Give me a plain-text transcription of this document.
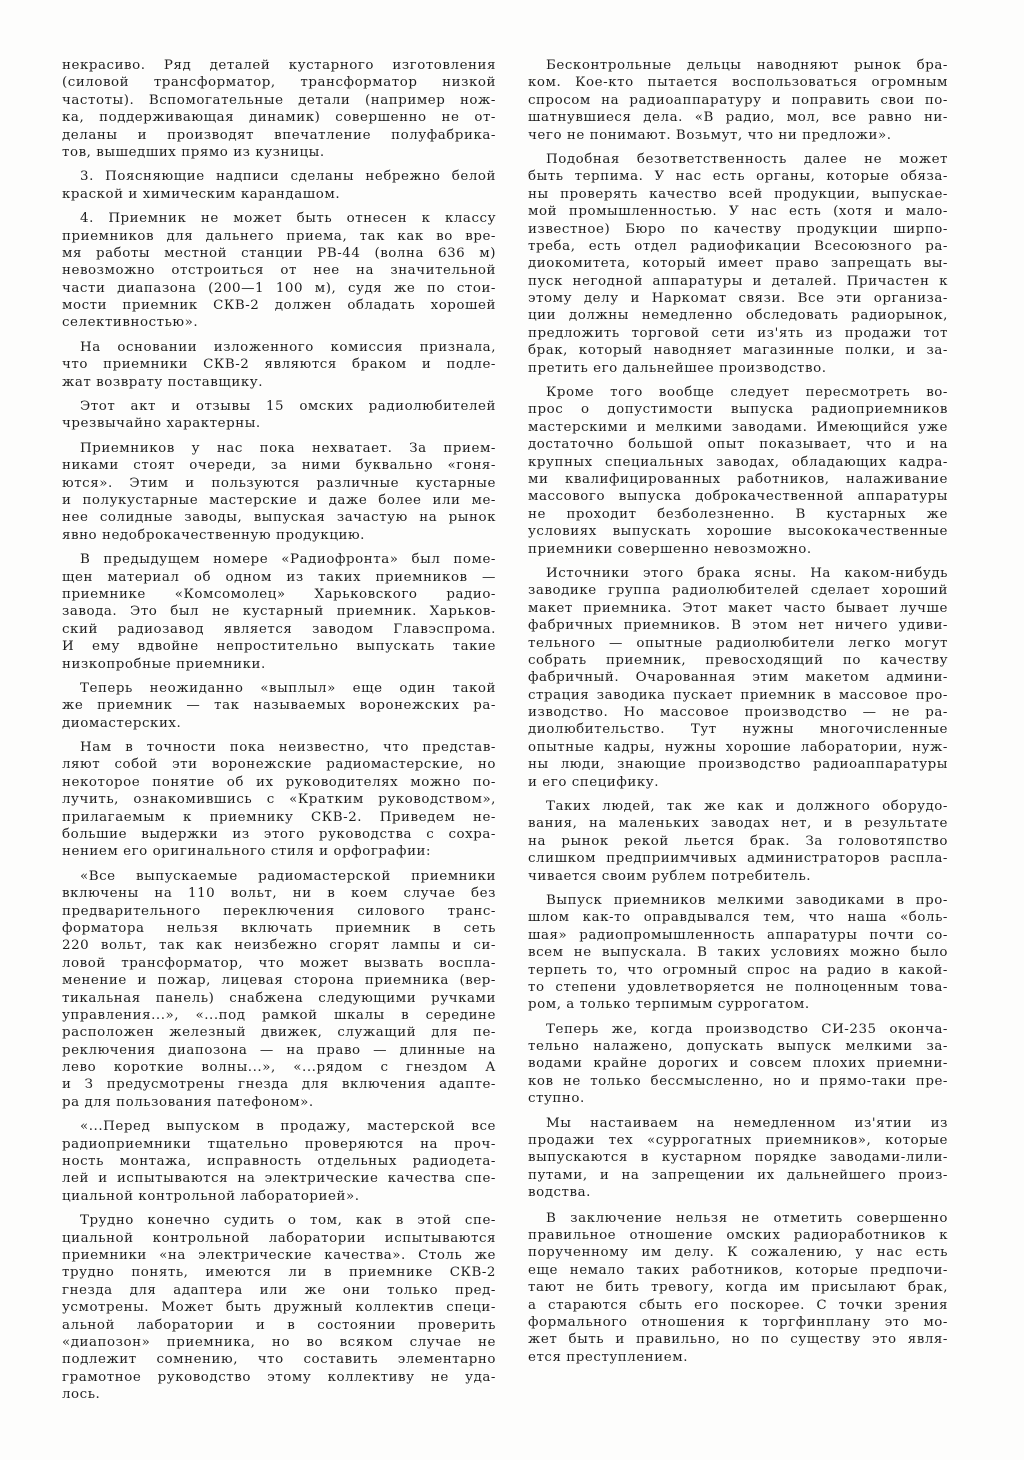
некрасиво. Ряд деталей кустарного изготовления
(силовой трансформатор, трансформатор низкой
частоты). Вспомогательные детали (например нож-
ка, поддерживающая динамик) совершенно не от-
деланы и производят впечатление полуфабрика-
тов, вышедших прямо из кузницы.
3. Поясняющие надписи сделаны небрежно белой
краской и химическим карандашом.
4. Приемник не может быть отнесен к классу
приемников для дальнего приема, так как во вре-
мя работы местной станции РВ-44 (волна 636 м)
невозможно отстроиться от нее на значительной
части диапазона (200—1 100 м), судя же по стои-
мости приемник СКВ-2 должен обладать хорошей
селективностью».
На основании изложенного комиссия признала,
что приемники СКВ-2 являются браком и подле-
жат возврату поставщику.
Этот акт и отзывы 15 омских радиолюбителей
чрезвычайно характерны.
Приемников у нас пока нехватает. За прием-
никами стоят очереди, за ними буквально «гоня-
ются». Этим и пользуются различные кустарные
и полукустарные мастерские и даже более или ме-
нее солидные заводы, выпуская зачастую на рынок
явно недоброкачественную продукцию.
В предыдущем номере «Радиофронта» был поме-
щен материал об одном из таких приемников —
приемнике «Комсомолец» Харьковского радио-
завода. Это был не кустарный приемник. Харьков-
ский радиозавод является заводом Главэспрома.
И ему вдвойне непростительно выпускать такие
низкопробные приемники.
Теперь неожиданно «выплыл» еще один такой
же приемник — так называемых воронежских ра-
диомастерских.
Нам в точности пока неизвестно, что представ-
ляют собой эти воронежские радиомастерские, но
некоторое понятие об их руководителях можно по-
лучить, ознакомившись с «Кратким руководством»,
прилагаемым к приемнику СКВ-2. Приведем не-
большие выдержки из этого руководства с сохра-
нением его оригинального стиля и орфографии:
«Все выпускаемые радиомастерской приемники
включены на 110 вольт, ни в коем случае без
предварительного переключения силового транс-
форматора нельзя включать приемник в сеть
220 вольт, так как неизбежно сгорят лампы и си-
ловой трансформатор, что может вызвать воспла-
менение и пожар, лицевая сторона приемника (вер-
тикальная панель) снабжена следующими ручками
управления...», «...под рамкой шкалы в середине
расположен железный движек, служащий для пе-
реключения диапозона — на право — длинные на
лево короткие волны...», «...рядом с гнездом А
и З предусмотрены гнезда для включения адапте-
ра для пользования патефоном».
«...Перед выпуском в продажу, мастерской все
радиоприемники тщательно проверяются на проч-
ность монтажа, исправность отдельных радиодета-
лей и испытываются на электрические качества спе-
циальной контрольной лабораторией».
Трудно конечно судить о том, как в этой спе-
циальной контрольной лаборатории испытываются
приемники «на электрические качества». Столь же
трудно понять, имеются ли в приемнике СКВ-2
гнезда для адаптера или же они только пред-
усмотрены. Может быть дружный коллектив специ-
альной лаборатории и в состоянии проверить
«диапозон» приемника, но во всяком случае не
подлежит сомнению, что составить элементарно
грамотное руководство этому коллективу не уда-
лось.
Бесконтрольные дельцы наводняют рынок бра-
ком. Кое-кто пытается воспользоваться огромным
спросом на радиоаппаратуру и поправить свои по-
шатнувшиеся дела. «В радио, мол, все равно ни-
чего не понимают. Возьмут, что ни предложи».
Подобная безответственность далее не может
быть терпима. У нас есть органы, которые обяза-
ны проверять качество всей продукции, выпускае-
мой промышленностью. У нас есть (хотя и мало-
известное) Бюро по качеству продукции ширпо-
треба, есть отдел радиофикации Всесоюзного ра-
диокомитета, который имеет право запрещать вы-
пуск негодной аппаратуры и деталей. Причастен к
этому делу и Наркомат связи. Все эти организа-
ции должны немедленно обследовать радиорынок,
предложить торговой сети из'ять из продажи тот
брак, который наводняет магазинные полки, и за-
претить его дальнейшее производство.
Кроме того вообще следует пересмотреть во-
прос о допустимости выпуска радиоприемников
мастерскими и мелкими заводами. Имеющийся уже
достаточно большой опыт показывает, что и на
крупных специальных заводах, обладающих кадра-
ми квалифицированных работников, налаживание
массового выпуска доброкачественной аппаратуры
не проходит безболезненно. В кустарных же
условиях выпускать хорошие высококачественные
приемники совершенно невозможно.
Источники этого брака ясны. На каком-нибудь
заводике группа радиолюбителей сделает хороший
макет приемника. Этот макет часто бывает лучше
фабричных приемников. В этом нет ничего удиви-
тельного — опытные радиолюбители легко могут
собрать приемник, превосходящий по качеству
фабричный. Очарованная этим макетом админи-
страция заводика пускает приемник в массовое про-
изводство. Но массовое производство — не ра-
диолюбительство. Тут нужны многочисленные
опытные кадры, нужны хорошие лаборатории, нуж-
ны люди, знающие производство радиоаппаратуры
и его специфику.
Таких людей, так же как и должного оборудо-
вания, на маленьких заводах нет, и в результате
на рынок рекой льется брак. За головотяпство
слишком предприимчивых администраторов распла-
чивается своим рублем потребитель.
Выпуск приемников мелкими заводиками в про-
шлом как-то оправдывался тем, что наша «боль-
шая» радиопромышленность аппаратуры почти со-
всем не выпускала. В таких условиях можно было
терпеть то, что огромный спрос на радио в какой-
то степени удовлетворяется не полноценным това-
ром, а только терпимым суррогатом.
Теперь же, когда производство СИ-235 оконча-
тельно налажено, допускать выпуск мелкими за-
водами крайне дорогих и совсем плохих приемни-
ков не только бессмысленно, но и прямо-таки пре-
ступно.
Мы настаиваем на немедленном из'ятии из
продажи тех «суррогатных приемников», которые
выпускаются в кустарном порядке заводами-лили-
путами, и на запрещении их дальнейшего произ-
водства.
В заключение нельзя не отметить совершенно
правильное отношение омских радиоработников к
порученному им делу. К сожалению, у нас есть
еще немало таких работников, которые предпочи-
тают не бить тревогу, когда им присылают брак,
а стараются сбыть его поскорее. С точки зрения
формального отношения к торгфинплану это мо-
жет быть и правильно, но по существу это явля-
ется преступлением.
